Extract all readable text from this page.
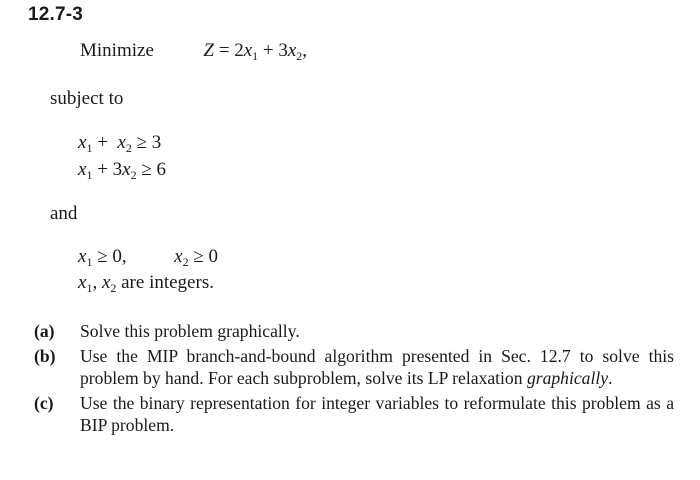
12.7-3
Minimize	$Z = 2x_1 + 3x_2$,
subject to
$x_1 + x_2 \ge 3$
$x_1 + 3x_2 \ge 6$
and
$x_1 \ge 0$,	$x_2 \ge 0$
$x_1$, $x_2$ are integers.
(a) Solve this problem graphically.
(b) Use the MIP branch-and-bound algorithm presented in Sec. 12.7 to solve this problem by hand. For each subproblem, solve its LP relaxation graphically.
(c) Use the binary representation for integer variables to reformulate this problem as a BIP problem.
